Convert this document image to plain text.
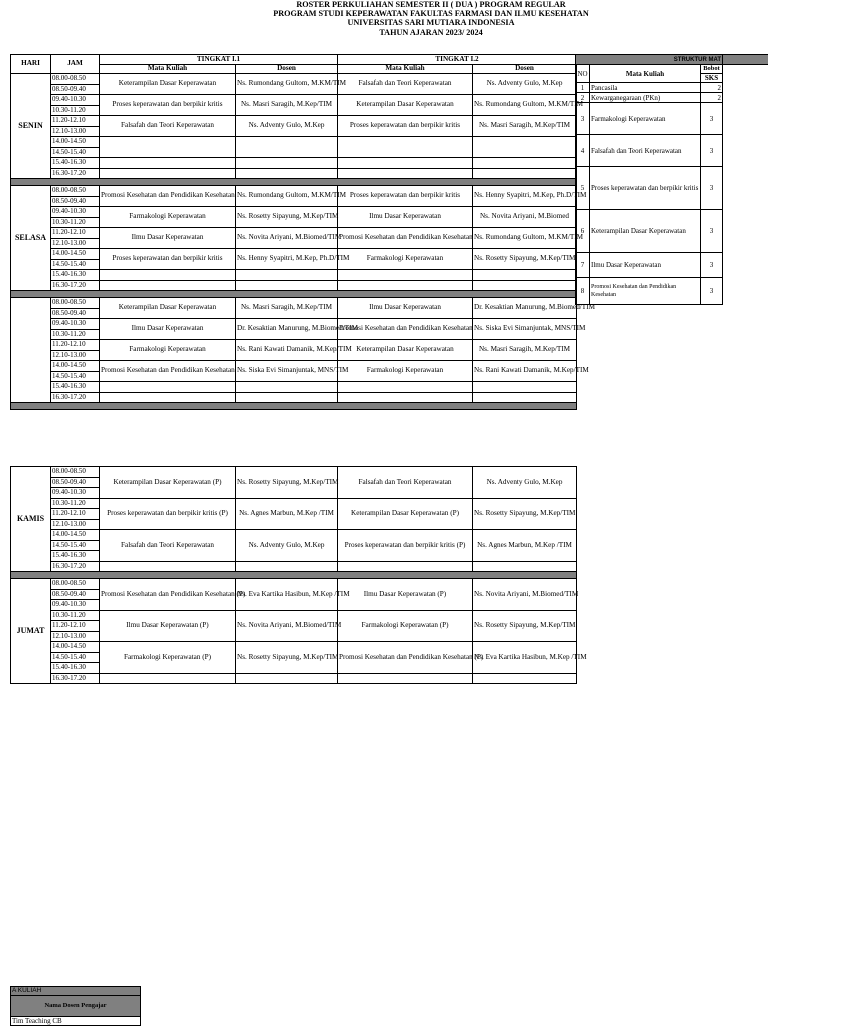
ROSTER PERKULIAHAN SEMESTER II ( DUA ) PROGRAM REGULAR
PROGRAM STUDI KEPERAWATAN FAKULTAS FARMASI DAN ILMU KESEHATAN
UNIVERSITAS SARI MUTIARA INDONESIA
TAHUN AJARAN 2023/ 2024
HARI	JAM	TINGKAT I.1		TINGKAT I.2	
		Mata Kuliah	Dosen	Mata Kuliah	Dosen
SENIN	08.00-08.50	Keterampilan Dasar Keperawatan	Ns. Rumondang Gultom, M.KM/TIM	Falsafah dan Teori Keperawatan	Ns. Adventy Gulo, M.Kep
	08.50-09.40				
	09.40-10.30	Proses keperawatan dan berpikir kritis	Ns. Masri Saragih, M.Kep/TIM	Keterampilan Dasar Keperawatan	Ns. Rumondang Gultom, M.KM/TIM
	10.30-11.20				
	11.20-12.10	Falsafah dan Teori Keperawatan	Ns. Adventy Gulo, M.Kep	Proses keperawatan dan berpikir kritis	Ns. Masri Saragih, M.Kep/TIM
	12.10-13.00				
	14.00-14.50				
	14.50-15.40				
	15.40-16.30				
	16.30-17.20				

SELASA	08.00-08.50	Promosi Kesehatan dan Pendidikan Kesehatan	Ns. Rumondang Gultom, M.KM/TIM	Proses keperawatan dan berpikir kritis	Ns. Henny Syapitri, M.Kep, Ph.D/TIM
	08.50-09.40				
	09.40-10.30	Farmakologi Keperawatan	Ns. Rosetty Sipayung, M.Kep/TIM	Ilmu Dasar Keperawatan	Ns. Novita Ariyani, M.Biomed
	10.30-11.20				
	11.20-12.10	Ilmu Dasar Keperawatan	Ns. Novita Ariyani, M.Biomed/TIM	Promosi Kesehatan dan Pendidikan Kesehatan	Ns. Rumondang Gultom, M.KM/TIM
	12.10-13.00				
	14.00-14.50	Proses keperawatan dan berpikir kritis	Ns. Henny Syapitri, M.Kep, Ph.D/TIM	Farmakologi Keperawatan	Ns. Rosetty Sipayung, M.Kep/TIM
	14.50-15.40				
	15.40-16.30				
	16.30-17.20				

	08.00-08.50	Keterampilan Dasar Keperawatan	Ns. Masri Saragih, M.Kep/TIM	Ilmu Dasar Keperawatan	Dr. Kesaktian Manurung, M.Biomed/TIM
	08.50-09.40				
	09.40-10.30	Ilmu Dasar Keperawatan	Dr. Kesaktian Manurung, M.Biomed/TIM	Promosi Kesehatan dan Pendidikan Kesehatan	Ns. Siska Evi Simanjuntak, MNS/TIM
	10.30-11.20				
	11.20-12.10	Farmakologi Keperawatan	Ns. Rani Kawati Damanik, M.Kep/TIM	Keterampilan Dasar Keperawatan	Ns. Masri Saragih, M.Kep/TIM
	12.10-13.00				
	14.00-14.50	Promosi Kesehatan dan Pendidikan Kesehatan	Ns. Siska Evi Simanjuntak, MNS/TIM	Farmakologi Keperawatan	Ns. Rani Kawati Damanik, M.Kep/TIM
	14.50-15.40				
	15.40-16.30				
	16.30-17.20				

KAMIS	08.00-08.50	Keterampilan Dasar Keperawatan (P)	Ns. Rosetty Sipayung, M.Kep/TIM	Falsafah dan Teori Keperawatan	Ns. Adventy Gulo, M.Kep
	08.50-09.40				
	09.40-10.30				
	10.30-11.20	Proses keperawatan dan berpikir kritis (P)	Ns. Agnes Marbun, M.Kep /TIM	Keterampilan Dasar Keperawatan (P)	Ns. Rosetty Sipayung, M.Kep/TIM
	11.20-12.10				
	12.10-13.00				
	14.00-14.50	Falsafah dan Teori Keperawatan	Ns. Adventy Gulo, M.Kep	Proses keperawatan dan berpikir kritis (P)	Ns. Agnes Marbun, M.Kep /TIM
	14.50-15.40				
	15.40-16.30				
	16.30-17.20				

JUMAT	08.00-08.50	Promosi Kesehatan dan Pendidikan Kesehatan (P)	Ns. Eva Kartika Hasibun, M.Kep /TIM	Ilmu Dasar Keperawatan (P)	Ns. Novita Ariyani, M.Biomed/TIM
	08.50-09.40				
	09.40-10.30				
	10.30-11.20	Ilmu Dasar Keperawatan (P)	Ns. Novita Ariyani, M.Biomed/TIM	Farmakologi Keperawatan (P)	Ns. Rosetty Sipayung, M.Kep/TIM
	11.20-12.10				
	12.10-13.00				
	14.00-14.50	Farmakologi Keperawatan (P)	Ns. Rosetty Sipayung, M.Kep/TIM	Promosi Kesehatan dan Pendidikan Kesehatan (P)	Ns. Eva Kartika Hasibun, M.Kep /TIM
	14.50-15.40				
	15.40-16.30				
	16.30-17.20				
STRUKTUR MAT			
NO	Mata Kuliah	Bobot	
		SKS	
1	Pancasila	2	
2	Kewarganegaraan (PKn)	2	
3	Farmakologi Keperawatan	3	
4	Falsafah dan Teori Keperawatan	3	
5	Proses keperawatan dan berpikir kritis	3	
6	Keterampilan Dasar Keperawatan	3	
7	Ilmu Dasar Keperawatan	3	
8	Promosi Kesehatan dan Pendidikan Kesehatan	3	
A KULIAH
Nama Dosen Pengajar
Tim Teaching CB
